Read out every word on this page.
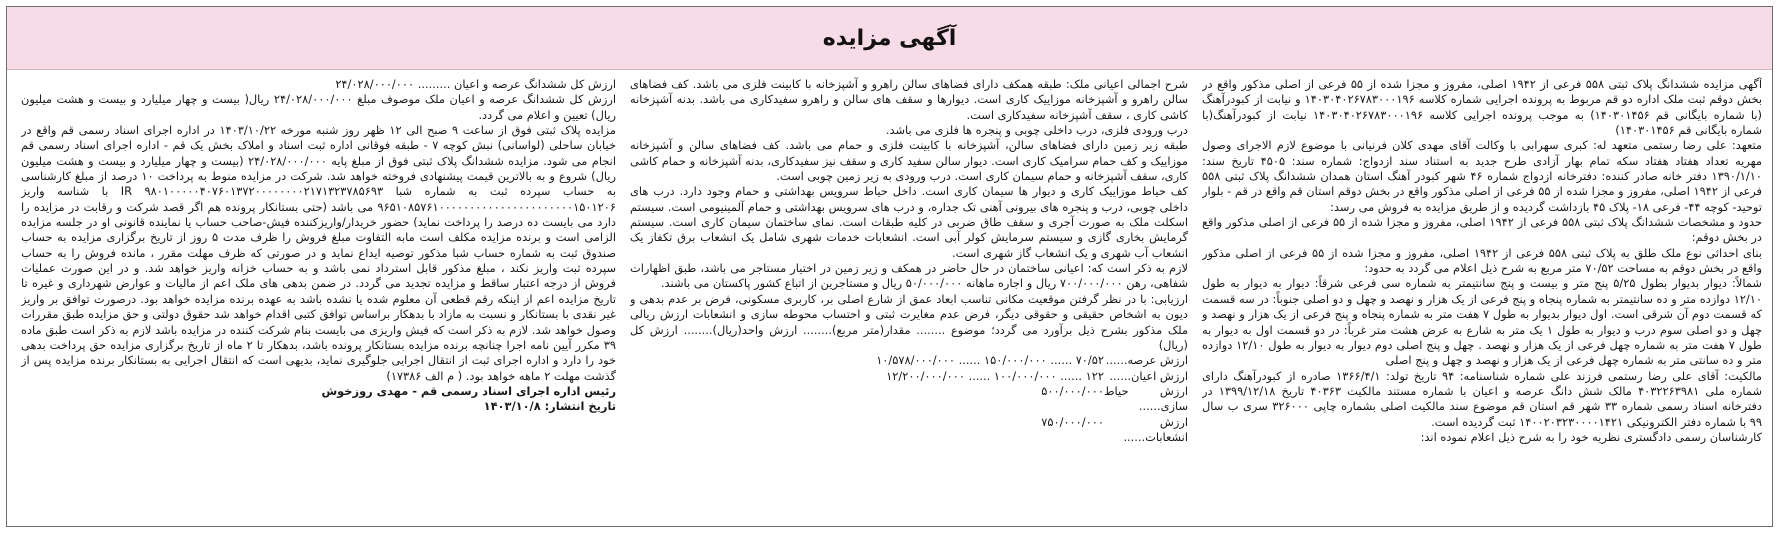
آگهی مزایده

آگهی مزایده ششدانگ پلاک ثبتی ۵۵۸ فرعی از ۱۹۴۲ اصلی، مفروز و مجزا شده از ۵۵ فرعی از اصلی مذکور واقع در بخش دوقم ثبت ملک اداره دو قم مربوط به پرونده اجرایی شماره کلاسه ۱۴۰۳۰۴۰۲۶۷۸۳۰۰۰۱۹۶ و نیابت از کبودرآهنگ (با شماره بایگانی قم ۱۴۰۳۰۱۴۵۶) به موجب پرونده اجرایی کلاسه ۱۴۰۳۰۴۰۲۶۷۸۳۰۰۰۱۹۶ نیابت از کبودرآهنگ(با شماره بایگانی قم ۱۴۰۳۰۱۴۵۶)

متعهد: علی رضا رستمی متعهد له: کبری سهرابی با وکالت آقای مهدی کلان فرنیانی با موضوع لازم الاجرای وصول مهریه تعداد هفتاد هفتاد سکه تمام بهار آزادی طرح جدید به استناد سند ازدواج: شماره سند: ۴۵۰۵ تاریخ سند: ۱۳۹۰/۱/۱۰ دفتر خانه صادر کننده: دفترخانه ازدواج شماره ۴۶ شهر کبودر آهنگ استان همدان ششدانگ پلاک ثبتی ۵۵۸ فرعی از ۱۹۴۲ اصلی، مفروز و مجزا شده از ۵۵ فرعی از اصلی مذکور واقع در بخش دوقم استان قم واقع در قم - بلوار توحید- کوچه ۴۴- فرعی ۱۸- پلاک ۴۵ بازداشت گردیده و از طریق مزایده به فروش می رسد:

حدود و مشخصات ششدانگ پلاک ثبتی ۵۵۸ فرعی از ۱۹۴۲ اصلی، مفروز و مجزا شده از ۵۵ فرعی از اصلی مذکور واقع در بخش دوقم:

بنای احداثی نوع ملک طلق به پلاک ثبتی ۵۵۸ فرعی از ۱۹۴۲ اصلی، مفروز و مجزا شده از ۵۵ فرعی از اصلی مذکور واقع در بخش دوقم به مساحت ۷۰/۵۲ متر مربع به شرح ذیل اعلام می گردد به حدود:

شمالاً: دیوار بدیوار بطول ۵/۲۵ پنج متر و بیست و پنج سانتیمتر به شماره سی فرعی شرقاً: دیوار به دیوار به طول ۱۲/۱۰ دوازده متر و ده سانتیمتر به شماره پنجاه و پنج فرعی از یک هزار و نهصد و چهل و دو اصلی جنوباً: در سه قسمت که قسمت دوم آن شرقی است. اول دیوار بدیوار به طول ۷ هفت متر به شماره پنجاه و پنج فرعی از یک هزار و نهصد و چهل و دو اصلی سوم درب و دیوار به طول ۱ یک متر به شارع به عرض هشت متر غرباً: در دو قسمت اول به دیوار به طول ۷ هفت متر به شماره چهل فرعی از یک هزار و نهصد . چهل و پنج اصلی دوم دیوار به دیوار به طول ۱۲/۱۰ دوازده متر و ده سانتی متر به شماره چهل فرعی از یک هزار و نهصد و چهل و پنج اصلی

مالکیت: آقای علی رضا رستمی فرزند علی شماره شناسنامه: ۹۴ تاریخ تولد: ۱۳۶۶/۴/۱ صادره از کبودرآهنگ دارای شماره ملی ۴۰۳۲۲۶۳۹۸۱ مالک شش دانگ عرصه و اعیان با شماره مستند مالکیت ۴۰۳۶۳ تاریخ ۱۳۹۹/۱۲/۱۸ در دفترخانه اسناد رسمی شماره ۳۳ شهر قم استان قم موضوع سند مالکیت اصلی بشماره چاپی ۳۲۶۰۰۰ سری ب سال ۹۹ با شماره دفتر الکترونیکی ۱۴۰۰۲۰۳۲۳۰۰۰۰۱۴۲۱ ثبت گردیده است.

کارشناسان رسمی دادگستری نظریه خود را به شرح ذیل اعلام نموده اند:

شرح اجمالی اعیانی ملک: طبقه همکف دارای فضاهای سالن راهرو و آشپزخانه با کابینت فلزی می باشد. کف فضاهای سالن راهرو و آشپزخانه موزاییک کاری است. دیوارها و سقف های سالن و راهرو سفیدکاری می باشد. بدنه آشپزخانه کاشی کاری ، سقف آشپزخانه سفیدکاری است.

درب ورودی فلزی، درب داخلی چوبی و پنجره ها فلزی می باشد.

طبقه زیر زمین دارای فضاهای سالن، آشپزخانه با کابینت فلزی و حمام می باشد. کف فضاهای سالن و آشپزخانه موزاییک و کف حمام سرامیک کاری است. دیوار سالن سفید کاری و سقف نیز سفیدکاری، بدنه آشپزخانه و حمام کاشی کاری، سقف آشپزخانه و حمام سیمان کاری است. درب ورودی به زیر زمین چوبی است.

کف حیاط موزاییک کاری و دیوار ها سیمان کاری است. داخل حیاط سرویس بهداشتی و حمام وجود دارد. درب های داخلی چوبی، درب و پنجره های بیرونی آهنی تک جداره، و درب های سرویس بهداشتی و حمام آلمینیومی است. سیستم اسکلت ملک به صورت آجری و سقف طاق ضربی در کلیه طبقات است. نمای ساختمان سیمان کاری است. سیستم گرمایش بخاری گازی و سیستم سرمایش کولر آبی است. انشعابات خدمات شهری شامل یک انشعاب برق تکفاز یک انشعاب آب شهری و یک انشعاب گاز شهری است.

لازم به ذکر است که: اعیانی ساختمان در حال حاضر در همکف و زیر زمین در اختیار مستاجر می باشد، طبق اظهارات شفاهی، رهن ۷۰۰/۰۰۰/۰۰۰ ریال و اجاره ماهانه ۵۰/۰۰۰/۰۰۰ ریال و مستاجرین از اتباع کشور پاکستان می باشند.

ارزیابی: با در نظر گرفتن موقعیت مکانی تناسب ابعاد عمق از شارع اصلی بر، کاربری مسکونی، فرض بر عدم بدهی و دیون به اشخاص حقیقی و حقوقی دیگر، فرض عدم مغایرت ثبتی و احتساب محوطه سازی و انشعابات ارزش ریالی ملک مذکور بشرح ذیل برآورد می گردد؛ موضوع ........ مقدار(متر مربع)........ ارزش واحد(ریال)........ ارزش کل (ریال)

ارزش عرصه......
۷۰/۵۲ ...... ۱۵۰/۰۰۰/۰۰۰ ...... ۱۰/۵۷۸/۰۰۰/۰۰۰
ارزش اعیان......
۱۲۲ ...... ۱۰۰/۰۰۰/۰۰۰ ...... ۱۲/۲۰۰/۰۰۰/۰۰۰
ارزش حیاط سازی......
۵۰۰/۰۰۰/۰۰۰
ارزش انشعابات......
۷۵۰/۰۰۰/۰۰۰

ارزش کل ششدانگ عرصه و اعیان ......... ۲۴/۰۲۸/۰۰۰/۰۰۰

ارزش کل ششدانگ عرصه و اعیان ملک موصوف مبلغ ۲۴/۰۲۸/۰۰۰/۰۰۰ ریال( بیست و چهار میلیارد و بیست و هشت میلیون ریال) تعیین و اعلام می گردد.

مزایده پلاک ثبتی فوق از ساعت ۹ صبح الی ۱۲ ظهر روز شنبه مورخه ۱۴۰۳/۱۰/۲۲ در اداره اجرای اسناد رسمی قم واقع در خیابان ساحلی (لواسانی) نبش کوچه ۷ - طبقه فوقانی اداره ثبت اسناد و املاک بخش یک قم - اداره اجرای اسناد رسمی قم انجام می شود. مزایده ششدانگ پلاک ثبتی فوق از مبلغ پایه ۲۴/۰۲۸/۰۰۰/۰۰۰ (بیست و چهار میلیارد و بیست و هشت میلیون ریال) شروع و به بالاترین قیمت پیشنهادی فروخته خواهد شد. شرکت در مزایده منوط به پرداخت ۱۰ درصد از مبلغ کارشناسی به حساب سپرده ثبت به شماره شبا IR ۹۸۰۱۰۰۰۰۰۴۰۷۶۰۱۳۷۲۰۰۰۰۰۰۰۰۲۱۷۱۳۲۳۷۸۵۶۹۳ با شناسه واریز ۹۶۵۱۰۸۵۷۶۱۰۰۰۰۰۰۰۰۰۰۰۰۰۰۰۰۰۰۰۰۰۰۱۵۰۱۲۰۶ می باشد (حتی بستانکار پرونده هم اگر قصد شرکت و رقابت در مزایده را دارد می بایست ده درصد را پرداخت نماید) حضور خریدار/واریزکننده فیش-صاحب حساب یا نماینده قانونی او در جلسه مزایده الزامی است و برنده مزایده مکلف است مابه التفاوت مبلغ فروش را ظرف مدت ۵ روز از تاریخ برگزاری مزایده به حساب صندوق ثبت به شماره حساب شبا مذکور توصیه ایداع نماید و در صورتی که ظرف مهلت مقرر ، مانده فروش را به حساب سپرده ثبت واریز نکند ، مبلغ مذکور قابل استرداد نمی باشد و به حساب خزانه واریز خواهد شد. و در این صورت عملیات فروش از درجه اعتبار ساقط و مزایده تجدید می گردد. در ضمن بدهی های ملک اعم از مالیات و عوارض شهرداری و غیره تا تاریخ مزایده اعم از اینکه رقم قطعی آن معلوم شده یا نشده باشد به عهده برنده مزایده خواهد بود. درصورت توافق بر واریز غیر نقدی با بستانکار و نسبت به مازاد با بدهکار براساس توافق کتبی اقدام خواهد شد حقوق دولتی و حق مزایده طبق مقررات وصول خواهد شد. لازم به ذکر است که فیش واریزی می بایست بنام شرکت کننده در مزایده باشد لازم به ذکر است طبق ماده ۳۹ مکرر آیین نامه اجرا چنانچه برنده مزایده بستانکار پرونده باشد، بدهکار تا ۲ ماه از تاریخ برگزاری مزایده حق پرداخت بدهی خود را دارد و اداره اجرای ثبت از انتقال اجرایی جلوگیری نماید، بدیهی است که انتقال اجرایی به بستانکار برنده مزایده پس از گذشت مهلت ۲ ماهه خواهد بود. ( م الف ۱۷۳۸۶)

رئیس اداره اجرای اسناد رسمی قم - مهدی روزخوش

تاریخ انتشار: ۱۴۰۳/۱۰/۸
